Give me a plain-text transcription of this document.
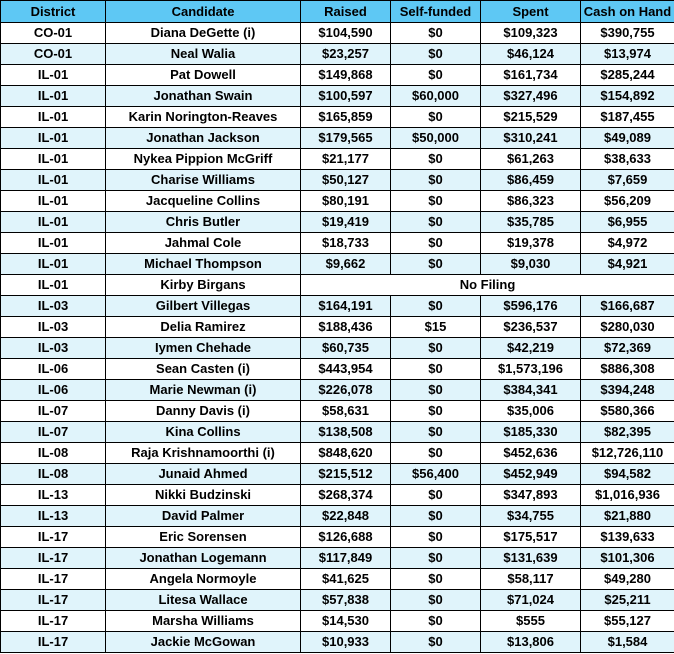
District	Candidate	Raised	Self-funded	Spent	Cash on Hand
CO-01	Diana DeGette (i)	$104,590	$0	$109,323	$390,755
CO-01	Neal Walia	$23,257	$0	$46,124	$13,974
IL-01	Pat Dowell	$149,868	$0	$161,734	$285,244
IL-01	Jonathan Swain	$100,597	$60,000	$327,496	$154,892
IL-01	Karin Norington-Reaves	$165,859	$0	$215,529	$187,455
IL-01	Jonathan Jackson	$179,565	$50,000	$310,241	$49,089
IL-01	Nykea Pippion McGriff	$21,177	$0	$61,263	$38,633
IL-01	Charise Williams	$50,127	$0	$86,459	$7,659
IL-01	Jacqueline Collins	$80,191	$0	$86,323	$56,209
IL-01	Chris Butler	$19,419	$0	$35,785	$6,955
IL-01	Jahmal Cole	$18,733	$0	$19,378	$4,972
IL-01	Michael Thompson	$9,662	$0	$9,030	$4,921
IL-01	Kirby Birgans	No Filing			
IL-03	Gilbert Villegas	$164,191	$0	$596,176	$166,687
IL-03	Delia Ramirez	$188,436	$15	$236,537	$280,030
IL-03	Iymen Chehade	$60,735	$0	$42,219	$72,369
IL-06	Sean Casten (i)	$443,954	$0	$1,573,196	$886,308
IL-06	Marie Newman (i)	$226,078	$0	$384,341	$394,248
IL-07	Danny Davis (i)	$58,631	$0	$35,006	$580,366
IL-07	Kina Collins	$138,508	$0	$185,330	$82,395
IL-08	Raja Krishnamoorthi (i)	$848,620	$0	$452,636	$12,726,110
IL-08	Junaid Ahmed	$215,512	$56,400	$452,949	$94,582
IL-13	Nikki Budzinski	$268,374	$0	$347,893	$1,016,936
IL-13	David Palmer	$22,848	$0	$34,755	$21,880
IL-17	Eric Sorensen	$126,688	$0	$175,517	$139,633
IL-17	Jonathan Logemann	$117,849	$0	$131,639	$101,306
IL-17	Angela Normoyle	$41,625	$0	$58,117	$49,280
IL-17	Litesa Wallace	$57,838	$0	$71,024	$25,211
IL-17	Marsha Williams	$14,530	$0	$555	$55,127
IL-17	Jackie McGowan	$10,933	$0	$13,806	$1,584
